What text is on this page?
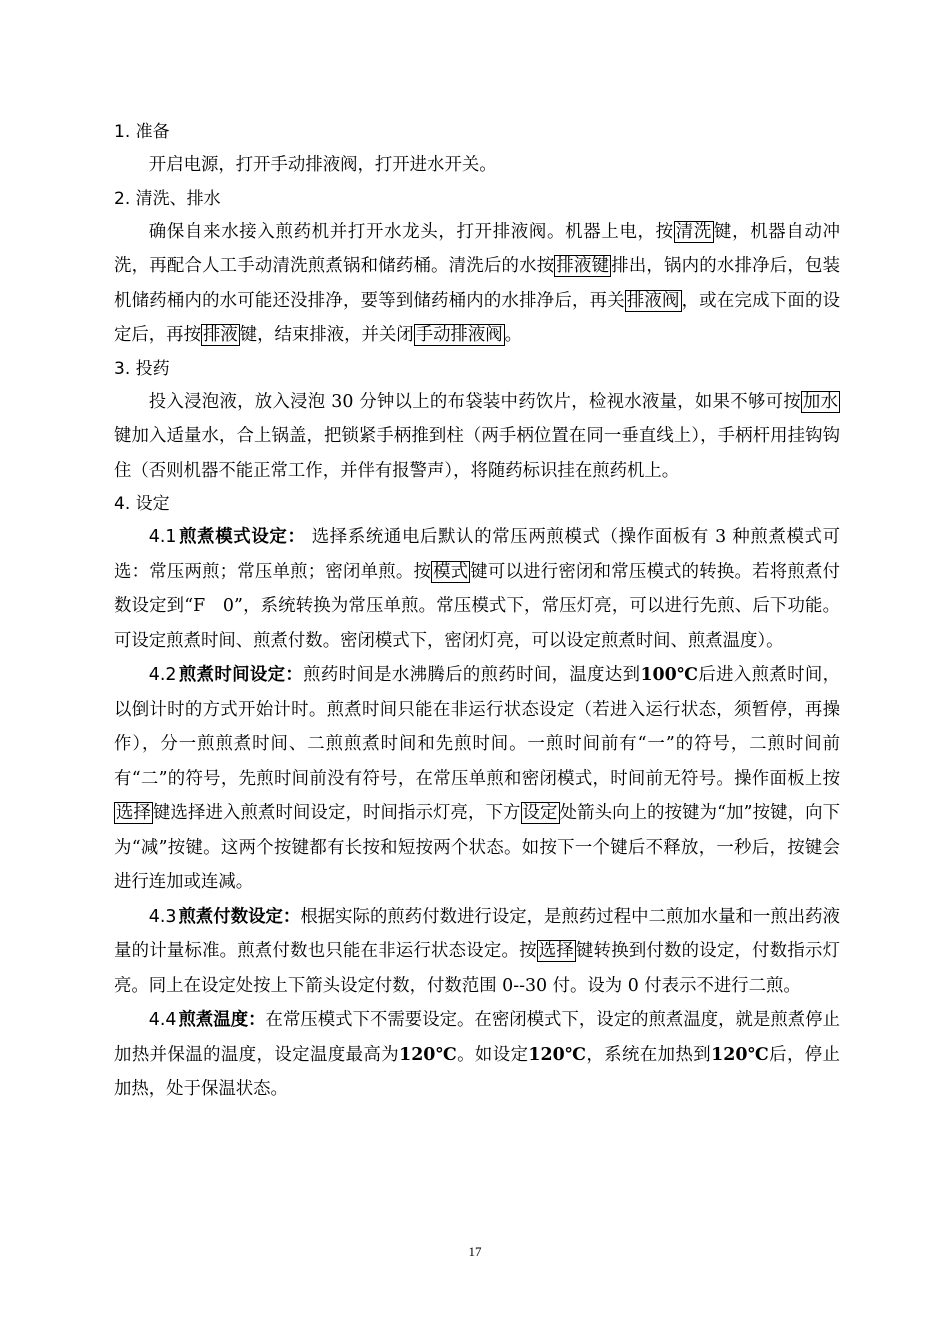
1. 准备

开启电源，打开手动排液阀，打开进水开关。

2. 清洗、排水

确保自来水接入煎药机并打开水龙头，打开排液阀。机器上电，按 清洗 键，机器自动冲洗，再配合人工手动清洗煎煮锅和储药桶。清洗后的水按 排液键 排出，锅内的水排净后，包装机储药桶内的水可能还没排净，要等到储药桶内的水排净后，再关 排液阀 ，或在完成下面的设定后，再按 排液 键，结束排液，并关闭 手动排液阀 。

3. 投药

投入浸泡液，放入浸泡 30 分钟以上的布袋装中药饮片，检视水液量，如果不够可按 加水键加入适量水，合上锅盖，把锁紧手柄推到柱（两手柄位置在同一垂直线上），手柄杆用挂钩钩住（否则机器不能正常工作，并伴有报警声），将随药标识挂在煎药机上。

4. 设定

4.1 煎煮模式设定： 选择系统通电后默认的常压两煎模式（操作面板有 3 种煎煮模式可选：常压两煎；常压单煎；密闭单煎。按 模式 键可以进行密闭和常压模式的转换。若将煎煮付数设定到“F　0”，系统转换为常压单煎。常压模式下，常压灯亮，可以进行先煎、后下功能。可设定煎煮时间、煎煮付数。密闭模式下，密闭灯亮，可以设定煎煮时间、煎煮温度）。

4.2 煎煮时间设定：煎药时间是水沸腾后的煎药时间，温度达到100℃后进入煎煮时间，以倒计时的方式开始计时。煎煮时间只能在非运行状态设定（若进入运行状态，须暂停，再操作），分一煎煎煮时间、二煎煎煮时间和先煎时间。一煎时间前有“一”的符号，二煎时间前有“二”的符号，先煎时间前没有符号，在常压单煎和密闭模式，时间前无符号。操作面板上按选择 键选择进入煎煮时间设定，时间指示灯亮，下方 设定 处箭头向上的按键为“加”按键，向下为“减”按键。这两个按键都有长按和短按两个状态。如按下一个键后不释放，一秒后，按键会进行连加或连减。

4.3 煎煮付数设定：根据实际的煎药付数进行设定，是煎药过程中二煎加水量和一煎出药液量的计量标准。煎煮付数也只能在非运行状态设定。按 选择 键转换到付数的设定，付数指示灯亮。同上在设定处按上下箭头设定付数，付数范围 0--30 付。设为 0 付表示不进行二煎。

4.4 煎煮温度：在常压模式下不需要设定。在密闭模式下，设定的煎煮温度，就是煎煮停止加热并保温的温度，设定温度最高为120℃。如设定120℃，系统在加热到120℃后，停止加热，处于保温状态。

17
